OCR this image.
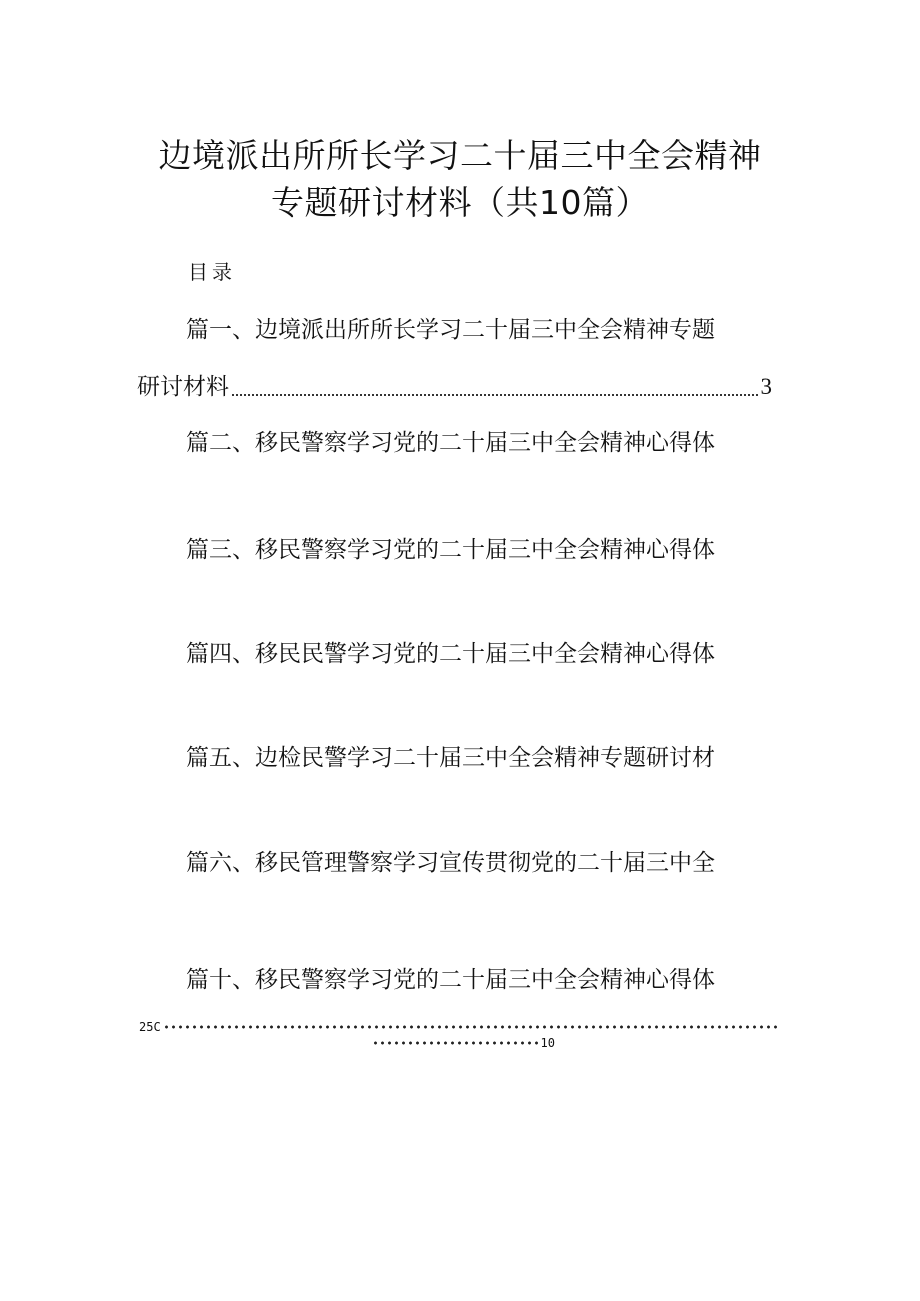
边境派出所所长学习二十届三中全会精神
专题研讨材料（共10篇）
目录
篇一、边境派出所所长学习二十届三中全会精神专题
研讨材料	3
篇二、移民警察学习党的二十届三中全会精神心得体
篇三、移民警察学习党的二十届三中全会精神心得体
篇四、移民民警学习党的二十届三中全会精神心得体
篇五、边检民警学习二十届三中全会精神专题研讨材
篇六、移民管理警察学习宣传贯彻党的二十届三中全
篇十、移民警察学习党的二十届三中全会精神心得体
25C
10
